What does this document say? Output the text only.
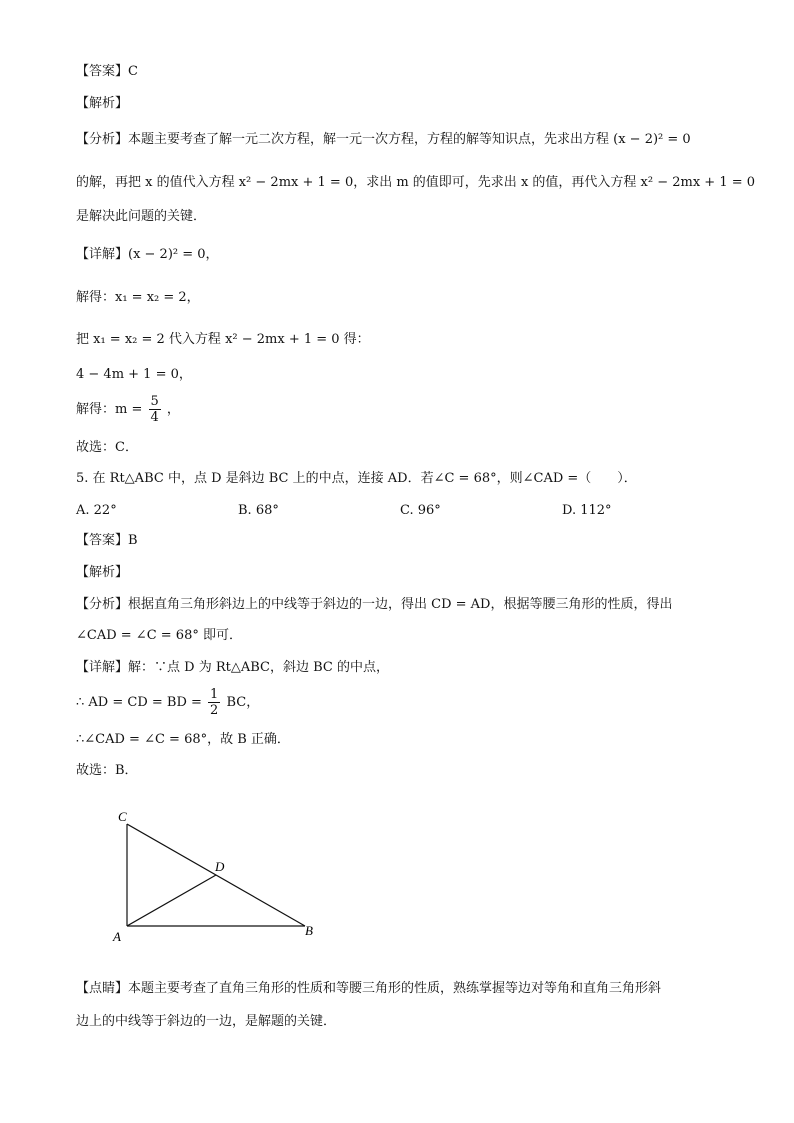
【答案】C
【解析】
【分析】本题主要考查了解一元二次方程，解一元一次方程，方程的解等知识点，先求出方程 (x − 2)² = 0
的解，再把 x 的值代入方程 x² − 2mx + 1 = 0，求出 m 的值即可，先求出 x 的值，再代入方程 x² − 2mx + 1 = 0
是解决此问题的关键．
【详解】(x − 2)² = 0，
解得：x₁ = x₂ = 2，
把 x₁ = x₂ = 2 代入方程 x² − 2mx + 1 = 0 得：
4 − 4m + 1 = 0，
解得：$m = \frac{5}{4}$ ，
故选：C．
5. 在 Rt△ABC 中，点 D 是斜边 BC 上的中点，连接 AD．若∠C = 68°，则∠CAD =（　　）．
A. 22°	B. 68°	C. 96°	D. 112°
【答案】B
【解析】
【分析】根据直角三角形斜边上的中线等于斜边的一边，得出 CD = AD，根据等腰三角形的性质，得出
∠CAD = ∠C = 68° 即可．
【详解】解：∵点 D 为 Rt△ABC，斜边 BC 的中点，
∴ AD = CD = BD = $\frac{1}{2}$ BC，
∴∠CAD = ∠C = 68°，故 B 正确．
故选：B．
C
A	B
D
【点睛】本题主要考查了直角三角形的性质和等腰三角形的性质，熟练掌握等边对等角和直角三角形斜
边上的中线等于斜边的一边，是解题的关键．
